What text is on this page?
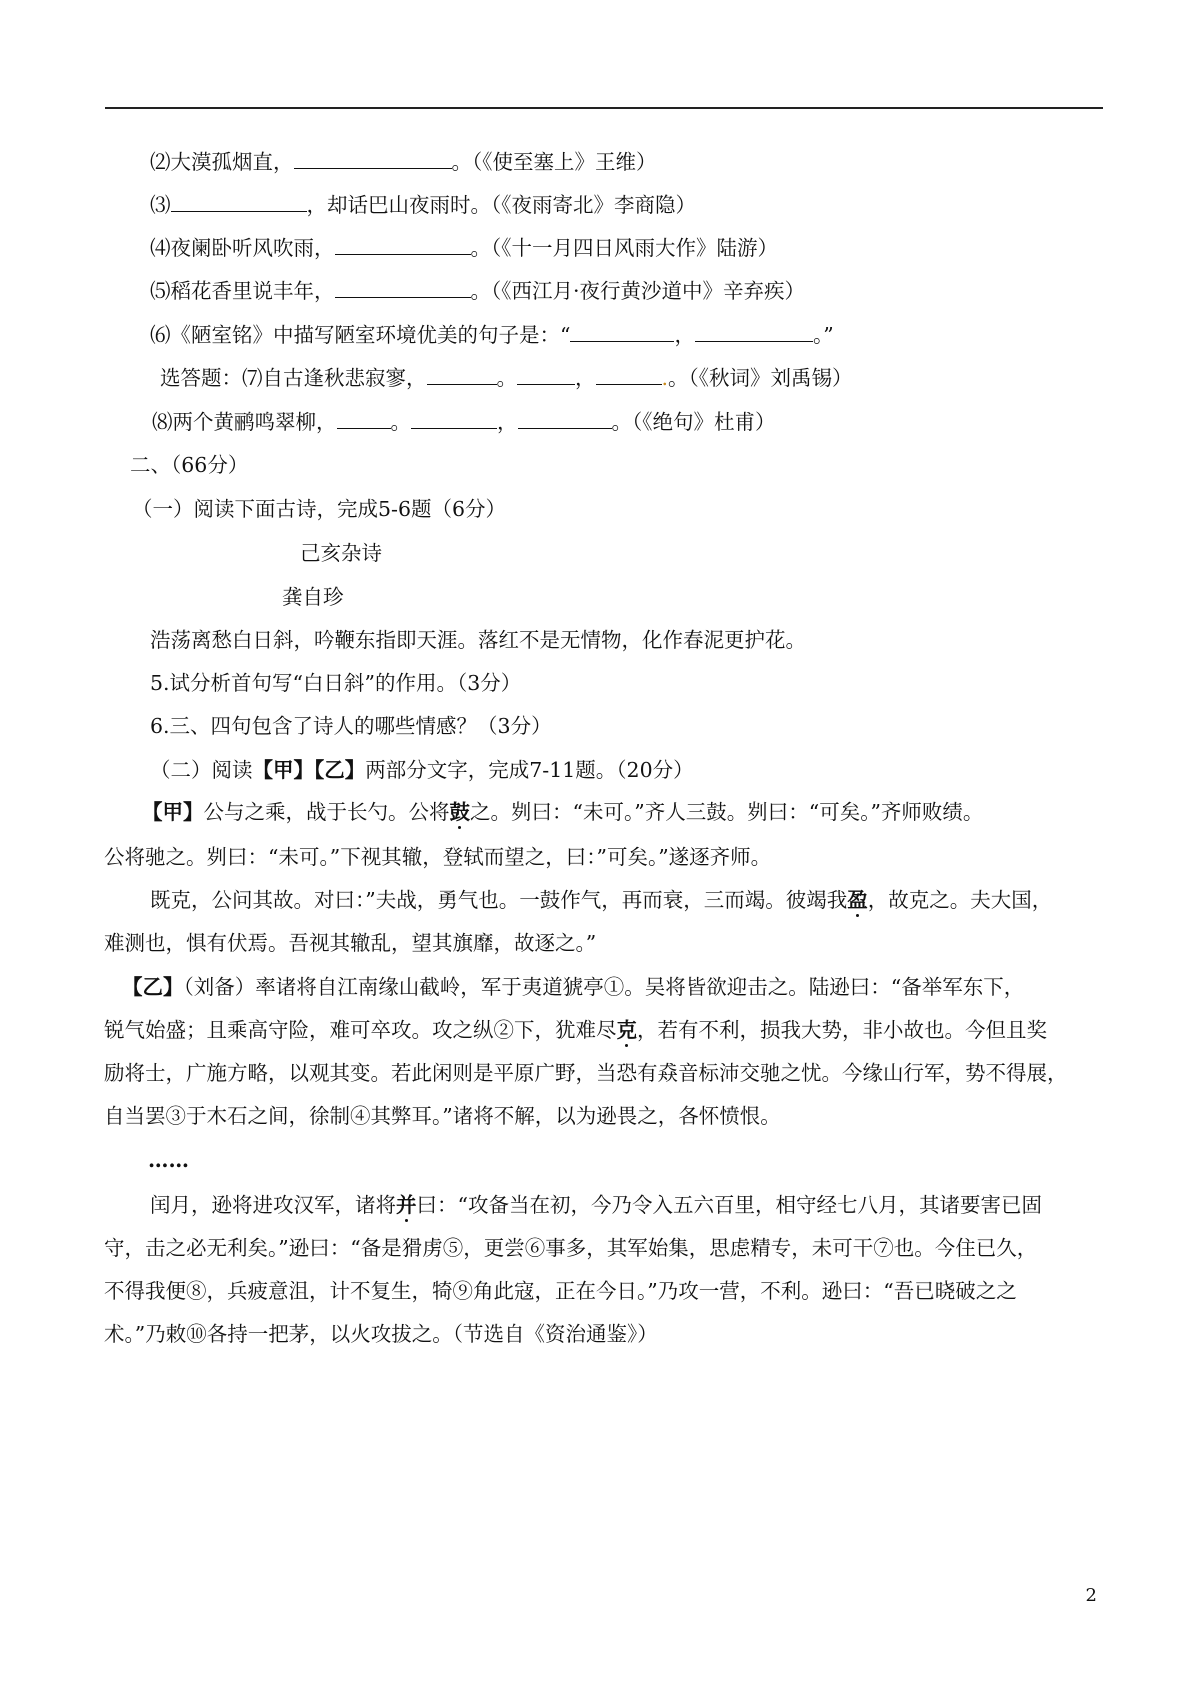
⑵大漠孤烟直，	。（《使至塞上》王维）
⑶	，却话巴山夜雨时。（《夜雨寄北》李商隐）
⑷夜阑卧听风吹雨，	。（《十一月四日风雨大作》陆游）
⑸稻花香里说丰年，	。（《西江月·夜行黄沙道中》辛弃疾）
⑹《陋室铭》中描写陋室环境优美的句子是：“	，	。”
选答题：⑺自古逢秋悲寂寥，	。	，	.。（《秋词》刘禹锡）
⑻两个黄鹂鸣翠柳，	。	，	。（《绝句》杜甫）
二、（66分）
（一）阅读下面古诗，完成5-6题（6分）
己亥杂诗
龚自珍
浩荡离愁白日斜，吟鞭东指即天涯。落红不是无情物，化作春泥更护花。
5.试分析首句写“白日斜”的作用。（3分）
6.三、四句包含了诗人的哪些情感？（3分）
（二）阅读【甲】【乙】两部分文字，完成7-11题。（20分）
【甲】公与之乘，战于长勺。公将鼓之。刿曰：“未可。”齐人三鼓。刿曰：“可矣。”齐师败绩。
公将驰之。刿曰：“未可。”下视其辙，登轼而望之，曰：”可矣。”遂逐齐师。
既克，公问其故。对曰：”夫战，勇气也。一鼓作气，再而衰，三而竭。彼竭我盈，故克之。夫大国，
难测也，惧有伏焉。吾视其辙乱，望其旗靡，故逐之。”
【乙】（刘备）率诸将自江南缘山截岭，军于夷道猇亭①。吴将皆欲迎击之。陆逊曰：“备举军东下，
锐气始盛；且乘高守险，难可卒攻。攻之纵②下，犹难尽克，若有不利，损我大势，非小故也。今但且奖
励将士，广施方略，以观其变。若此闲则是平原广野，当恐有猋音标沛交驰之忧。今缘山行军，势不得展，
自当罢③于木石之间，徐制④其弊耳。”诸将不解，以为逊畏之，各怀愤恨。
……
闰月，逊将进攻汉军，诸将并曰：“攻备当在初，今乃令入五六百里，相守经七八月，其诸要害已固
守，击之必无利矣。”逊曰：“备是猾虏⑤，更尝⑥事多，其军始集，思虑精专，未可干⑦也。今住已久，
不得我便⑧，兵疲意沮，计不复生，犄⑨角此寇，正在今日。”乃攻一营，不利。逊曰：“吾已晓破之之
术。”乃敕⑩各持一把茅，以火攻拔之。（节选自《资治通鉴》）
2
